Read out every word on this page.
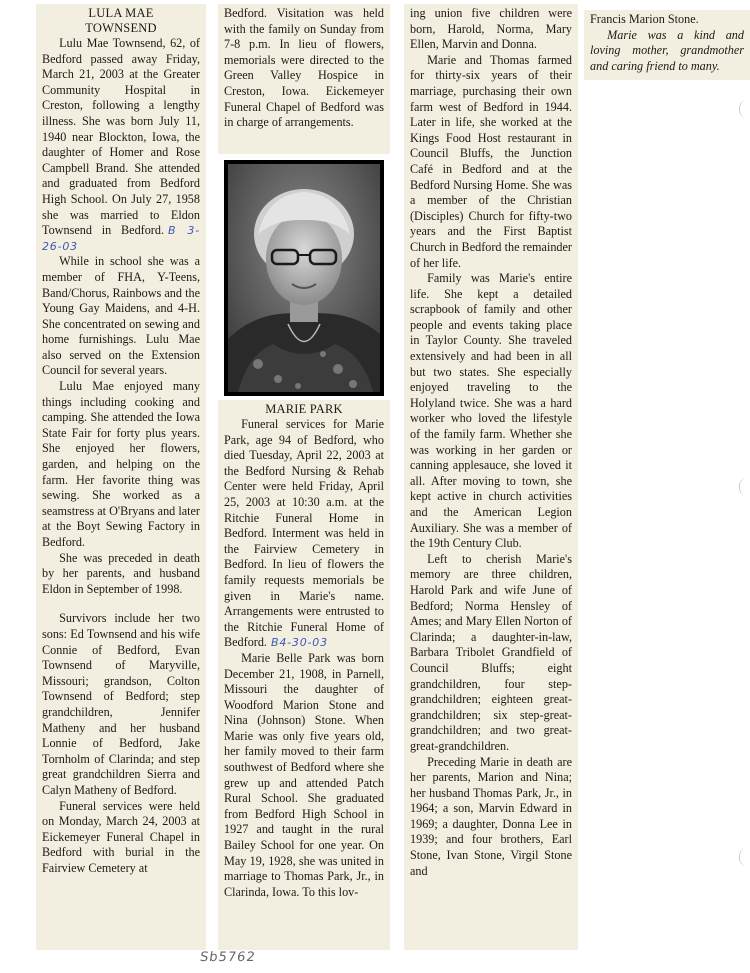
LULA MAE

TOWNSEND

Lulu Mae Townsend, 62, of Bedford passed away Friday, March 21, 2003 at the Greater Community Hospital in Creston, following a lengthy illness. She was born July 11, 1940 near Blockton, Iowa, the daughter of Homer and Rose Campbell Brand. She attended and graduated from Bedford High School. On July 27, 1958 she was married to Eldon Townsend in Bedford. B 3-26-03

While in school she was a member of FHA, Y-Teens, Band/Chorus, Rainbows and the Young Gay Maidens, and 4-H. She concentrated on sewing and home furnishings. Lulu Mae also served on the Extension Council for several years.

Lulu Mae enjoyed many things including cooking and camping. She attended the Iowa State Fair for forty plus years. She enjoyed her flowers, garden, and helping on the farm. Her favorite thing was sewing. She worked as a seamstress at O'Bryans and later at the Boyt Sewing Factory in Bedford.

She was preceded in death by her parents, and husband Eldon in September of 1998.

Survivors include her two sons: Ed Townsend and his wife Connie of Bedford, Evan Townsend of Maryville, Missouri; grandson, Colton Townsend of Bedford; step grandchildren, Jennifer Matheny and her husband Lonnie of Bedford, Jake Tornholm of Clarinda; and step great grandchildren Sierra and Calyn Matheny of Bedford.

Funeral services were held on Monday, March 24, 2003 at Eickemeyer Funeral Chapel in Bedford with burial in the Fairview Cemetery at

Bedford. Visitation was held with the family on Sunday from 7-8 p.m. In lieu of flowers, memorials were directed to the Green Valley Hospice in Creston, Iowa. Eickemeyer Funeral Chapel of Bedford was in charge of arrangements.

MARIE PARK

Funeral services for Marie Park, age 94 of Bedford, who died Tuesday, April 22, 2003 at the Bedford Nursing & Rehab Center were held Friday, April 25, 2003 at 10:30 a.m. at the Ritchie Funeral Home in Bedford. Interment was held in the Fairview Cemetery in Bedford. In lieu of flowers the family requests memorials be given in Marie's name. Arrangements were entrusted to the Ritchie Funeral Home of Bedford. B4-30-03

Marie Belle Park was born December 21, 1908, in Parnell, Missouri the daughter of Woodford Marion Stone and Nina (Johnson) Stone. When Marie was only five years old, her family moved to their farm southwest of Bedford where she grew up and attended Patch Rural School. She graduated from Bedford High School in 1927 and taught in the rural Bailey School for one year. On May 19, 1928, she was united in marriage to Thomas Park, Jr., in Clarinda, Iowa. To this lov-

ing union five children were born, Harold, Norma, Mary Ellen, Marvin and Donna.

Marie and Thomas farmed for thirty-six years of their marriage, purchasing their own farm west of Bedford in 1944. Later in life, she worked at the Kings Food Host restaurant in Council Bluffs, the Junction Café in Bedford and at the Bedford Nursing Home. She was a member of the Christian (Disciples) Church for fifty-two years and the First Baptist Church in Bedford the remainder of her life.

Family was Marie's entire life. She kept a detailed scrapbook of family and other people and events taking place in Taylor County. She traveled extensively and had been in all but two states. She especially enjoyed traveling to the Holyland twice. She was a hard worker who loved the lifestyle of the family farm. Whether she was working in her garden or canning applesauce, she loved it all. After moving to town, she kept active in church activities and the American Legion Auxiliary. She was a member of the 19th Century Club.

Left to cherish Marie's memory are three children, Harold Park and wife June of Bedford; Norma Hensley of Ames; and Mary Ellen Norton of Clarinda; a daughter-in-law, Barbara Tribolet Grandfield of Council Bluffs; eight grandchildren, four step-grandchildren; eighteen great-grandchildren; six step-great-grandchildren; and two great-great-grandchildren.

Preceding Marie in death are her parents, Marion and Nina; her husband Thomas Park, Jr., in 1964; a son, Marvin Edward in 1969; a daughter, Donna Lee in 1939; and four brothers, Earl Stone, Ivan Stone, Virgil Stone and

Francis Marion Stone.

Marie was a kind and loving mother, grandmother and caring friend to many.

Sb5762
